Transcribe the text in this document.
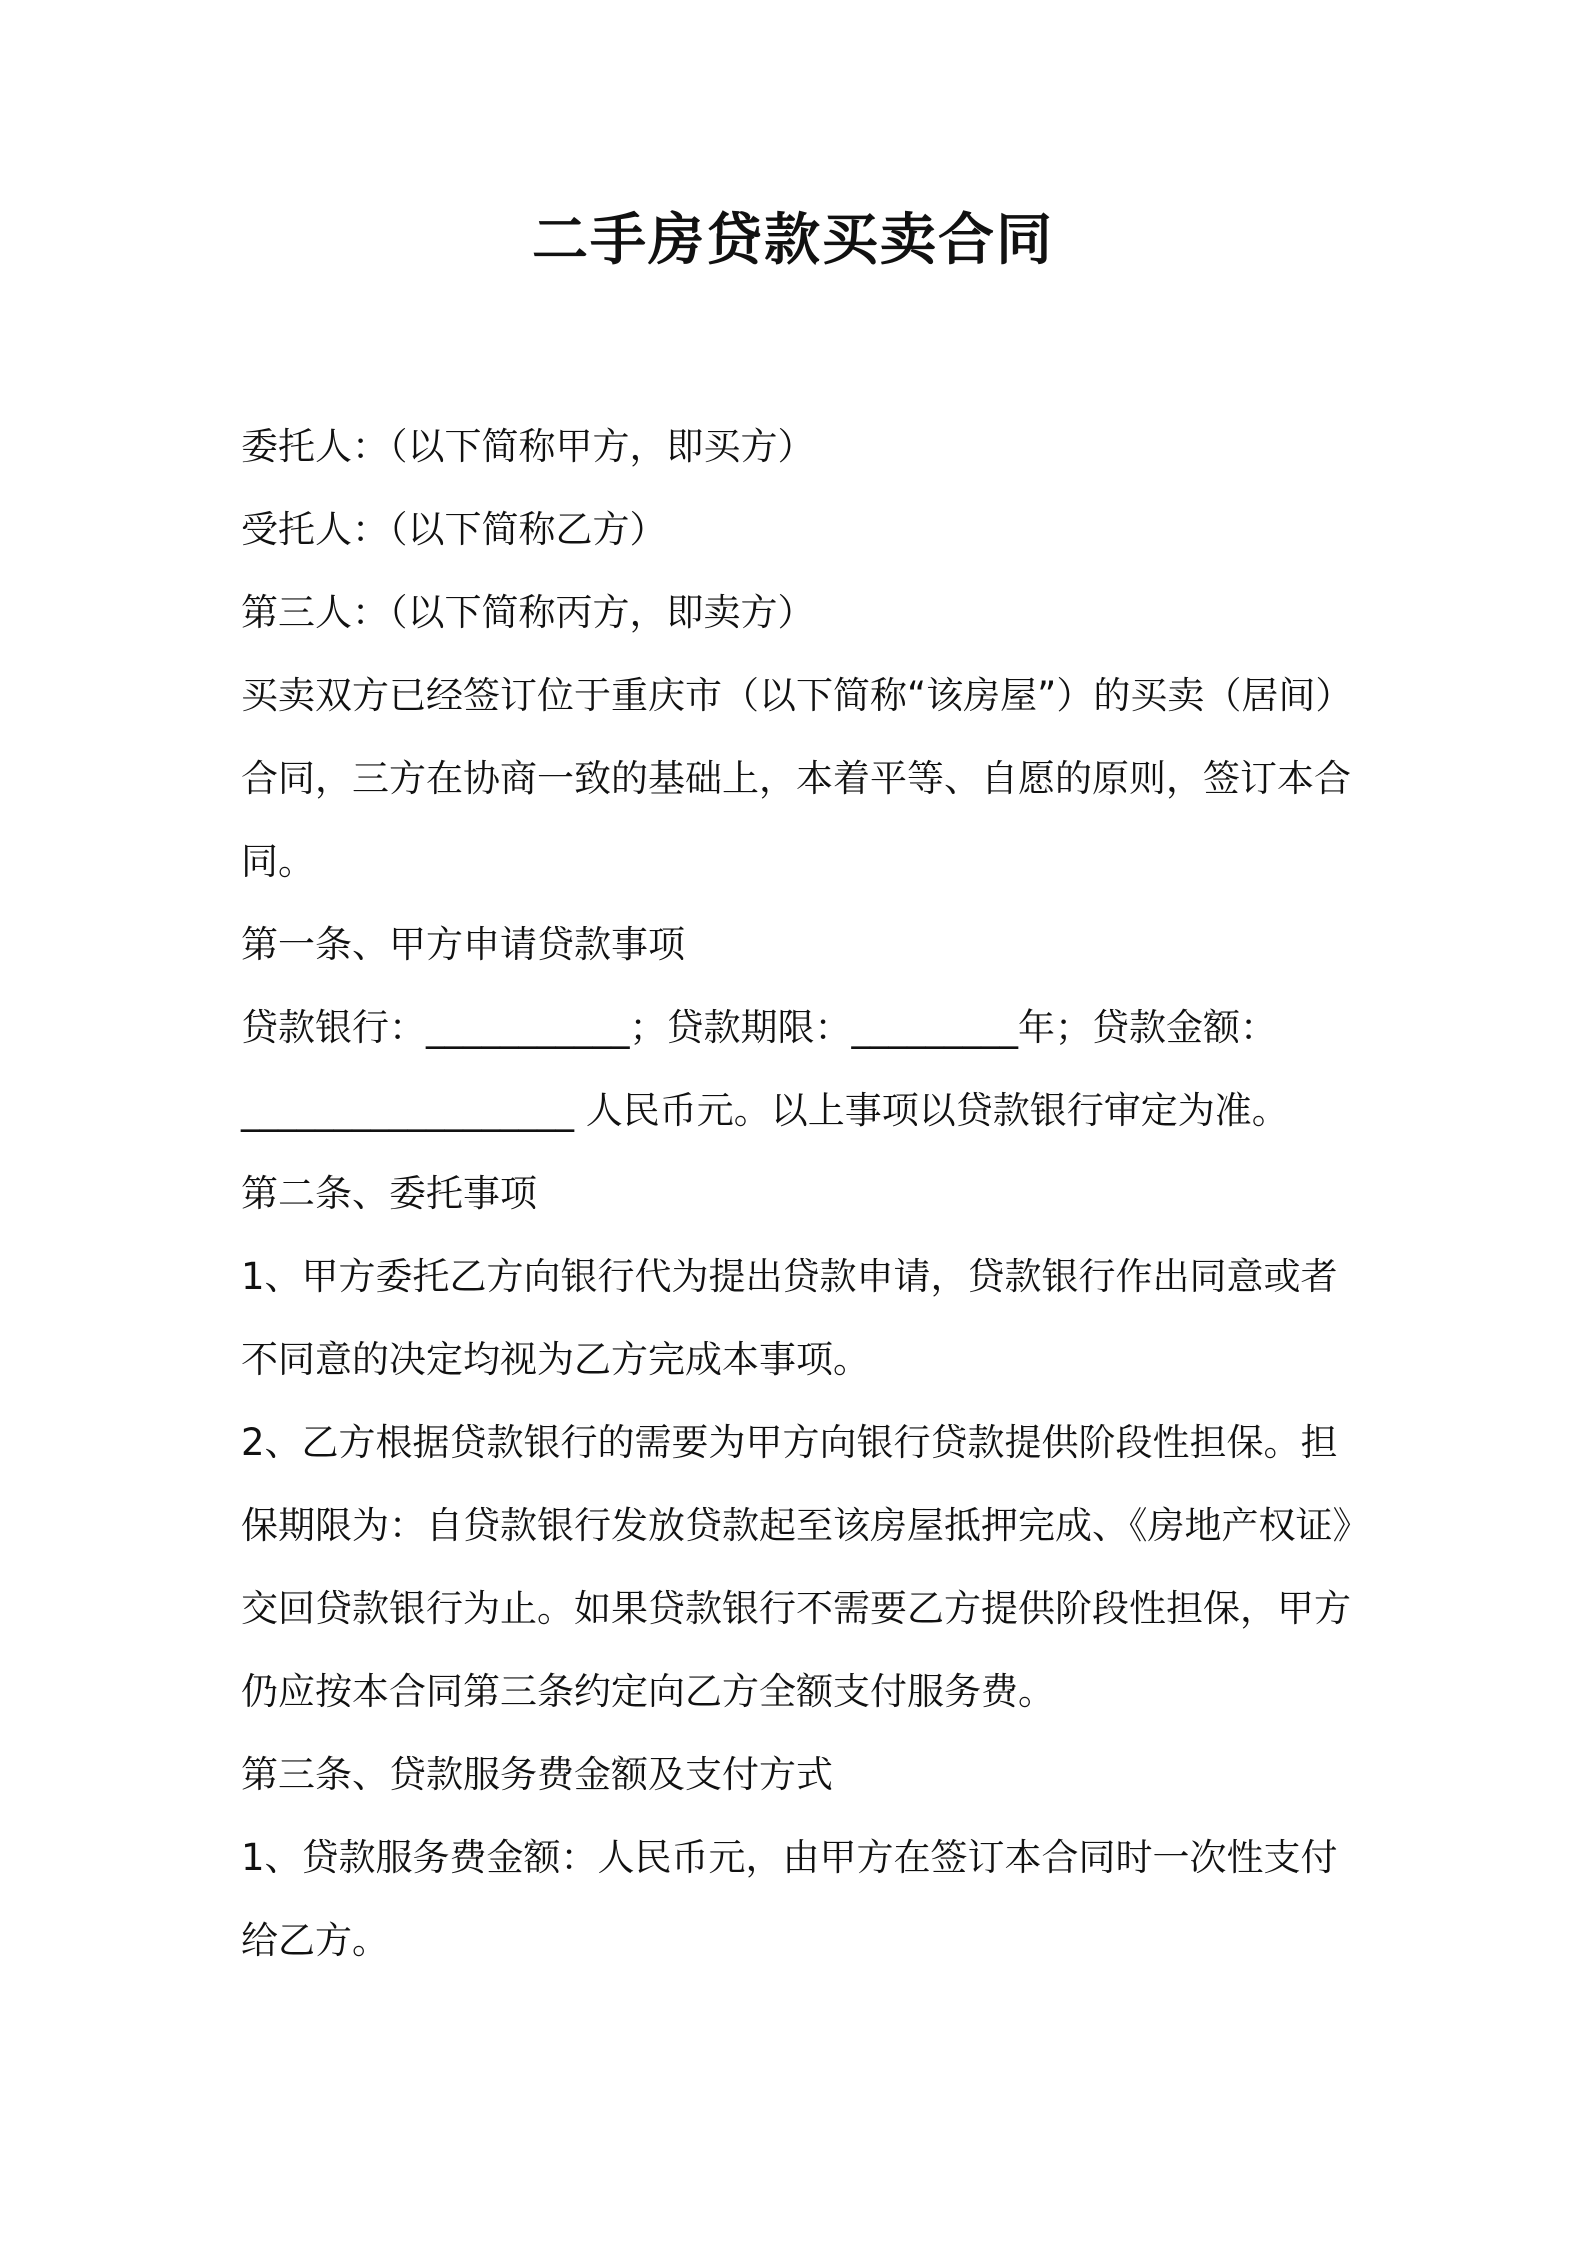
二手房贷款买卖合同
委托人：（以下简称甲方，即买方）
受托人：（以下简称乙方）
第三人：（以下简称丙方，即卖方）
买卖双方已经签订位于重庆市（以下简称“该房屋”）的买卖（居间）
合同，三方在协商一致的基础上，本着平等、自愿的原则，签订本合
同。
第一条、甲方申请贷款事项
贷款银行：___________；贷款期限：_________年；贷款金额：
__________________ 人民币元。以上事项以贷款银行审定为准。
第二条、委托事项
1、甲方委托乙方向银行代为提出贷款申请，贷款银行作出同意或者
不同意的决定均视为乙方完成本事项。
2、乙方根据贷款银行的需要为甲方向银行贷款提供阶段性担保。担
保期限为：自贷款银行发放贷款起至该房屋抵押完成、《房地产权证》
交回贷款银行为止。如果贷款银行不需要乙方提供阶段性担保，甲方
仍应按本合同第三条约定向乙方全额支付服务费。
第三条、贷款服务费金额及支付方式
1、贷款服务费金额：人民币元，由甲方在签订本合同时一次性支付
给乙方。
